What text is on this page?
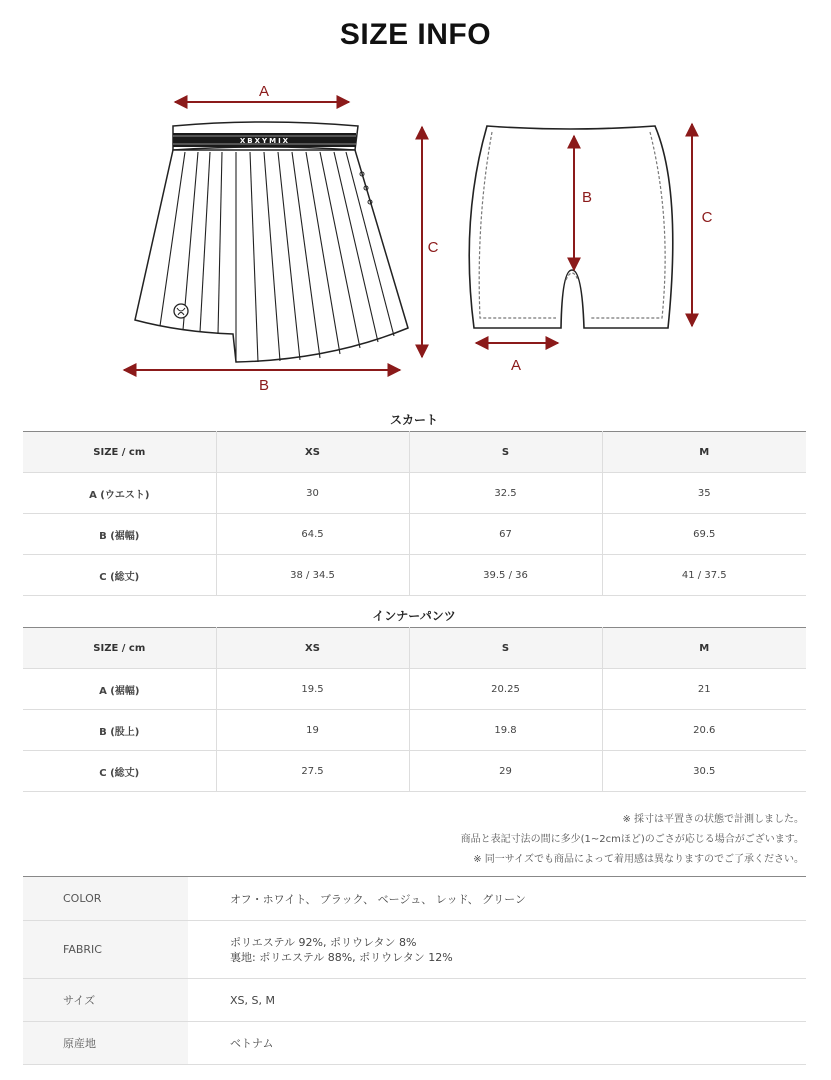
SIZE INFO
XBXYMIX
A
C
B
B
C
A
スカート
SIZE / cm	XS	S	M
A (ウエスト)	30	32.5	35
B (裾幅)	64.5	67	69.5
C (総丈)	38 / 34.5	39.5 / 36	41 / 37.5
インナーパンツ
SIZE / cm	XS	S	M
A (裾幅)	19.5	20.25	21
B (股上)	19	19.8	20.6
C (総丈)	27.5	29	30.5
※ 採寸は平置きの状態で計測しました。
商品と表記寸法の間に多少(1~2cmほど)のごさが応じる場合がございます。
※ 同一サイズでも商品によって着用感は異なりますのでご了承ください。
COLOR	オフ・ホワイト、 ブラック、 ベージュ、 レッド、 グリーン
FABRIC	ポリエステル 92%, ポリウレタン 8%
裏地: ポリエステル 88%, ポリウレタン 12%

サイズ	XS, S, M
原産地	ベトナム
